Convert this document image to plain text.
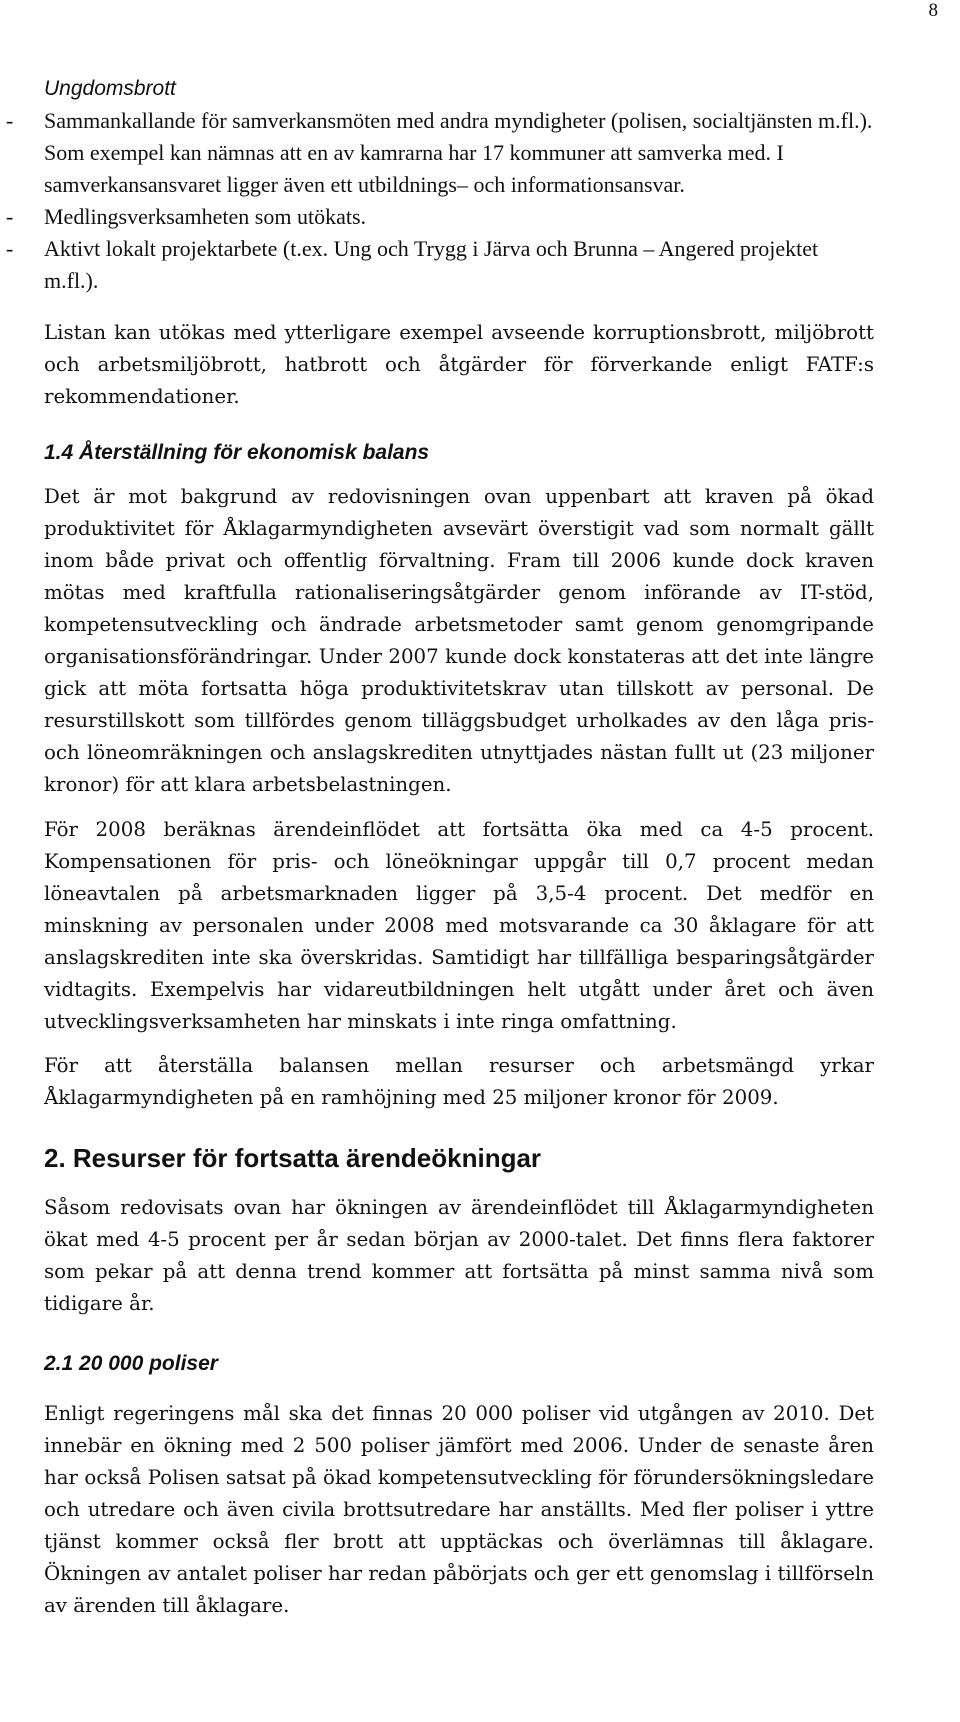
8
Ungdomsbrott
- Sammankallande för samverkansmöten med andra myndigheter (polisen, socialtjänsten m.fl.). Som exempel kan nämnas att en av kamrarna har 17 kommuner att samverka med. I samverkansansvaret ligger även ett utbildnings– och informationsansvar.
- Medlingsverksamheten som utökats.
- Aktivt lokalt projektarbete (t.ex. Ung och Trygg i Järva och Brunna – Angered projektet m.fl.).

Listan kan utökas med ytterligare exempel avseende korruptionsbrott, miljöbrott och arbetsmiljöbrott, hatbrott och åtgärder för förverkande enligt FATF:s rekommendationer.

1.4 Återställning för ekonomisk balans

Det är mot bakgrund av redovisningen ovan uppenbart att kraven på ökad produktivitet för Åklagarmyndigheten avsevärt överstigit vad som normalt gällt inom både privat och offentlig förvaltning. Fram till 2006 kunde dock kraven mötas med kraftfulla rationaliseringsåtgärder genom införande av IT-stöd, kompetensutveckling och ändrade arbetsmetoder samt genom genomgripande organisationsförändringar. Under 2007 kunde dock konstateras att det inte längre gick att möta fortsatta höga produktivitetskrav utan tillskott av personal. De resurstillskott som tillfördes genom tilläggsbudget urholkades av den låga pris- och löneomräkningen och anslagskrediten utnyttjades nästan fullt ut (23 miljoner kronor) för att klara arbetsbelastningen.

För 2008 beräknas ärendeinflödet att fortsätta öka med ca 4-5 procent. Kompensationen för pris- och löneökningar uppgår till 0,7 procent medan löneavtalen på arbetsmarknaden ligger på 3,5-4 procent. Det medför en minskning av personalen under 2008 med motsvarande ca 30 åklagare för att anslagskrediten inte ska överskridas. Samtidigt har tillfälliga besparingsåtgärder vidtagits. Exempelvis har vidareutbildningen helt utgått under året och även utvecklingsverksamheten har minskats i inte ringa omfattning.

För att återställa balansen mellan resurser och arbetsmängd yrkar Åklagarmyndigheten på en ramhöjning med 25 miljoner kronor för 2009.

2. Resurser för fortsatta ärendeökningar

Såsom redovisats ovan har ökningen av ärendeinflödet till Åklagarmyndigheten ökat med 4-5 procent per år sedan början av 2000-talet. Det finns flera faktorer som pekar på att denna trend kommer att fortsätta på minst samma nivå som tidigare år.

2.1 20 000 poliser

Enligt regeringens mål ska det finnas 20 000 poliser vid utgången av 2010. Det innebär en ökning med 2 500 poliser jämfört med 2006. Under de senaste åren har också Polisen satsat på ökad kompetensutveckling för förundersökningsledare och utredare och även civila brottsutredare har anställts. Med fler poliser i yttre tjänst kommer också fler brott att upptäckas och överlämnas till åklagare. Ökningen av antalet poliser har redan påbörjats och ger ett genomslag i tillförseln av ärenden till åklagare.
